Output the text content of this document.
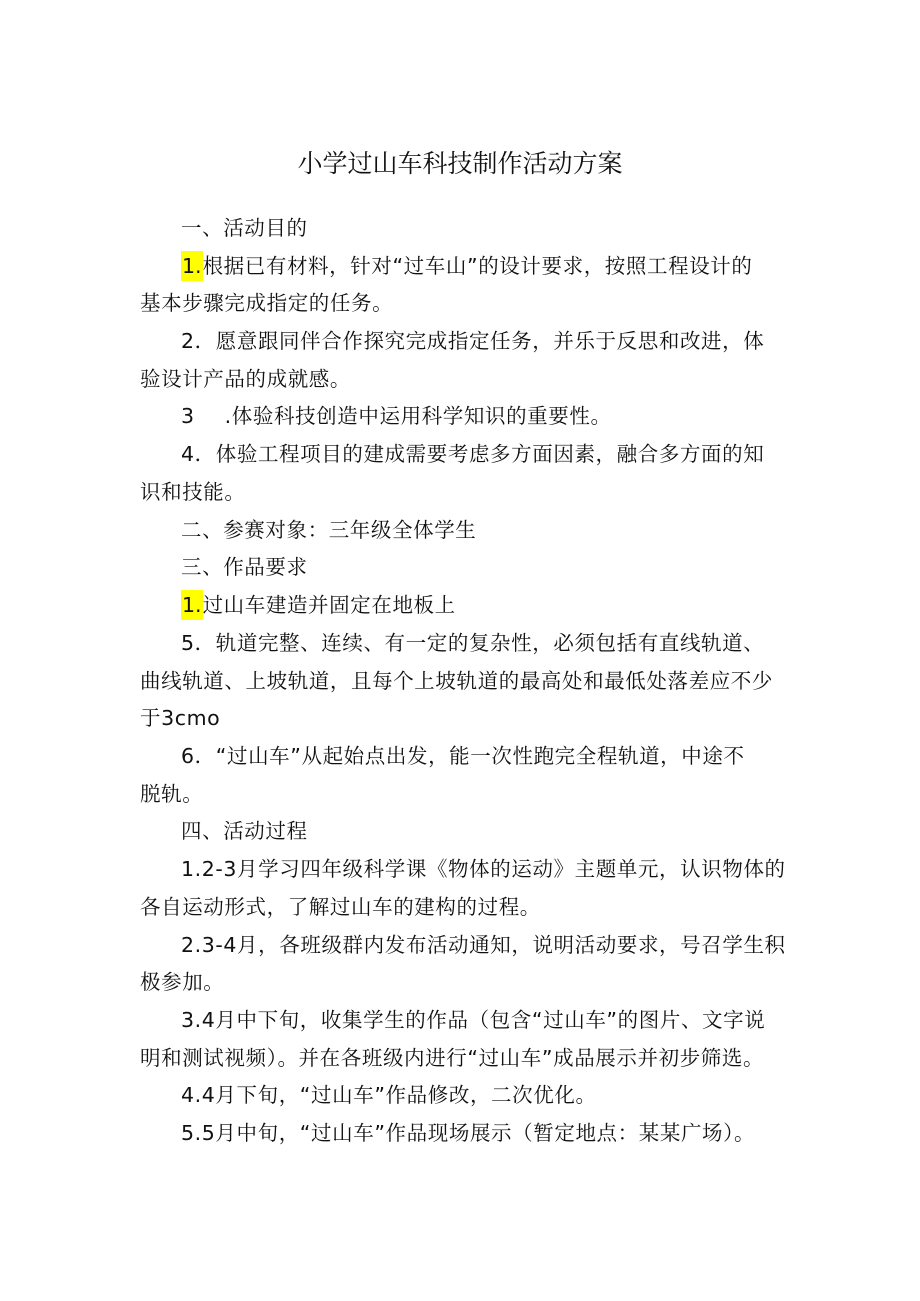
小学过山车科技制作活动方案
一、活动目的
1.根据已有材料，针对“过车山”的设计要求，按照工程设计的
基本步骤完成指定的任务。
2．愿意跟同伴合作探究完成指定任务，并乐于反思和改进，体
验设计产品的成就感。
3 .体验科技创造中运用科学知识的重要性。
4．体验工程项目的建成需要考虑多方面因素，融合多方面的知
识和技能。
二、参赛对象：三年级全体学生
三、作品要求
1.过山车建造并固定在地板上
5．轨道完整、连续、有一定的复杂性，必须包括有直线轨道、
曲线轨道、上坡轨道，且每个上坡轨道的最高处和最低处落差应不少
于3cmo
6．“过山车”从起始点出发，能一次性跑完全程轨道，中途不
脱轨。
四、活动过程
1.2-3月学习四年级科学课《物体的运动》主题单元，认识物体的
各自运动形式，了解过山车的建构的过程。
2.3-4月，各班级群内发布活动通知，说明活动要求，号召学生积
极参加。
3.4月中下旬，收集学生的作品（包含“过山车”的图片、文字说
明和测试视频）。并在各班级内进行“过山车”成品展示并初步筛选。
4.4月下旬，“过山车”作品修改，二次优化。
5.5月中旬，“过山车”作品现场展示（暂定地点：某某广场）。
